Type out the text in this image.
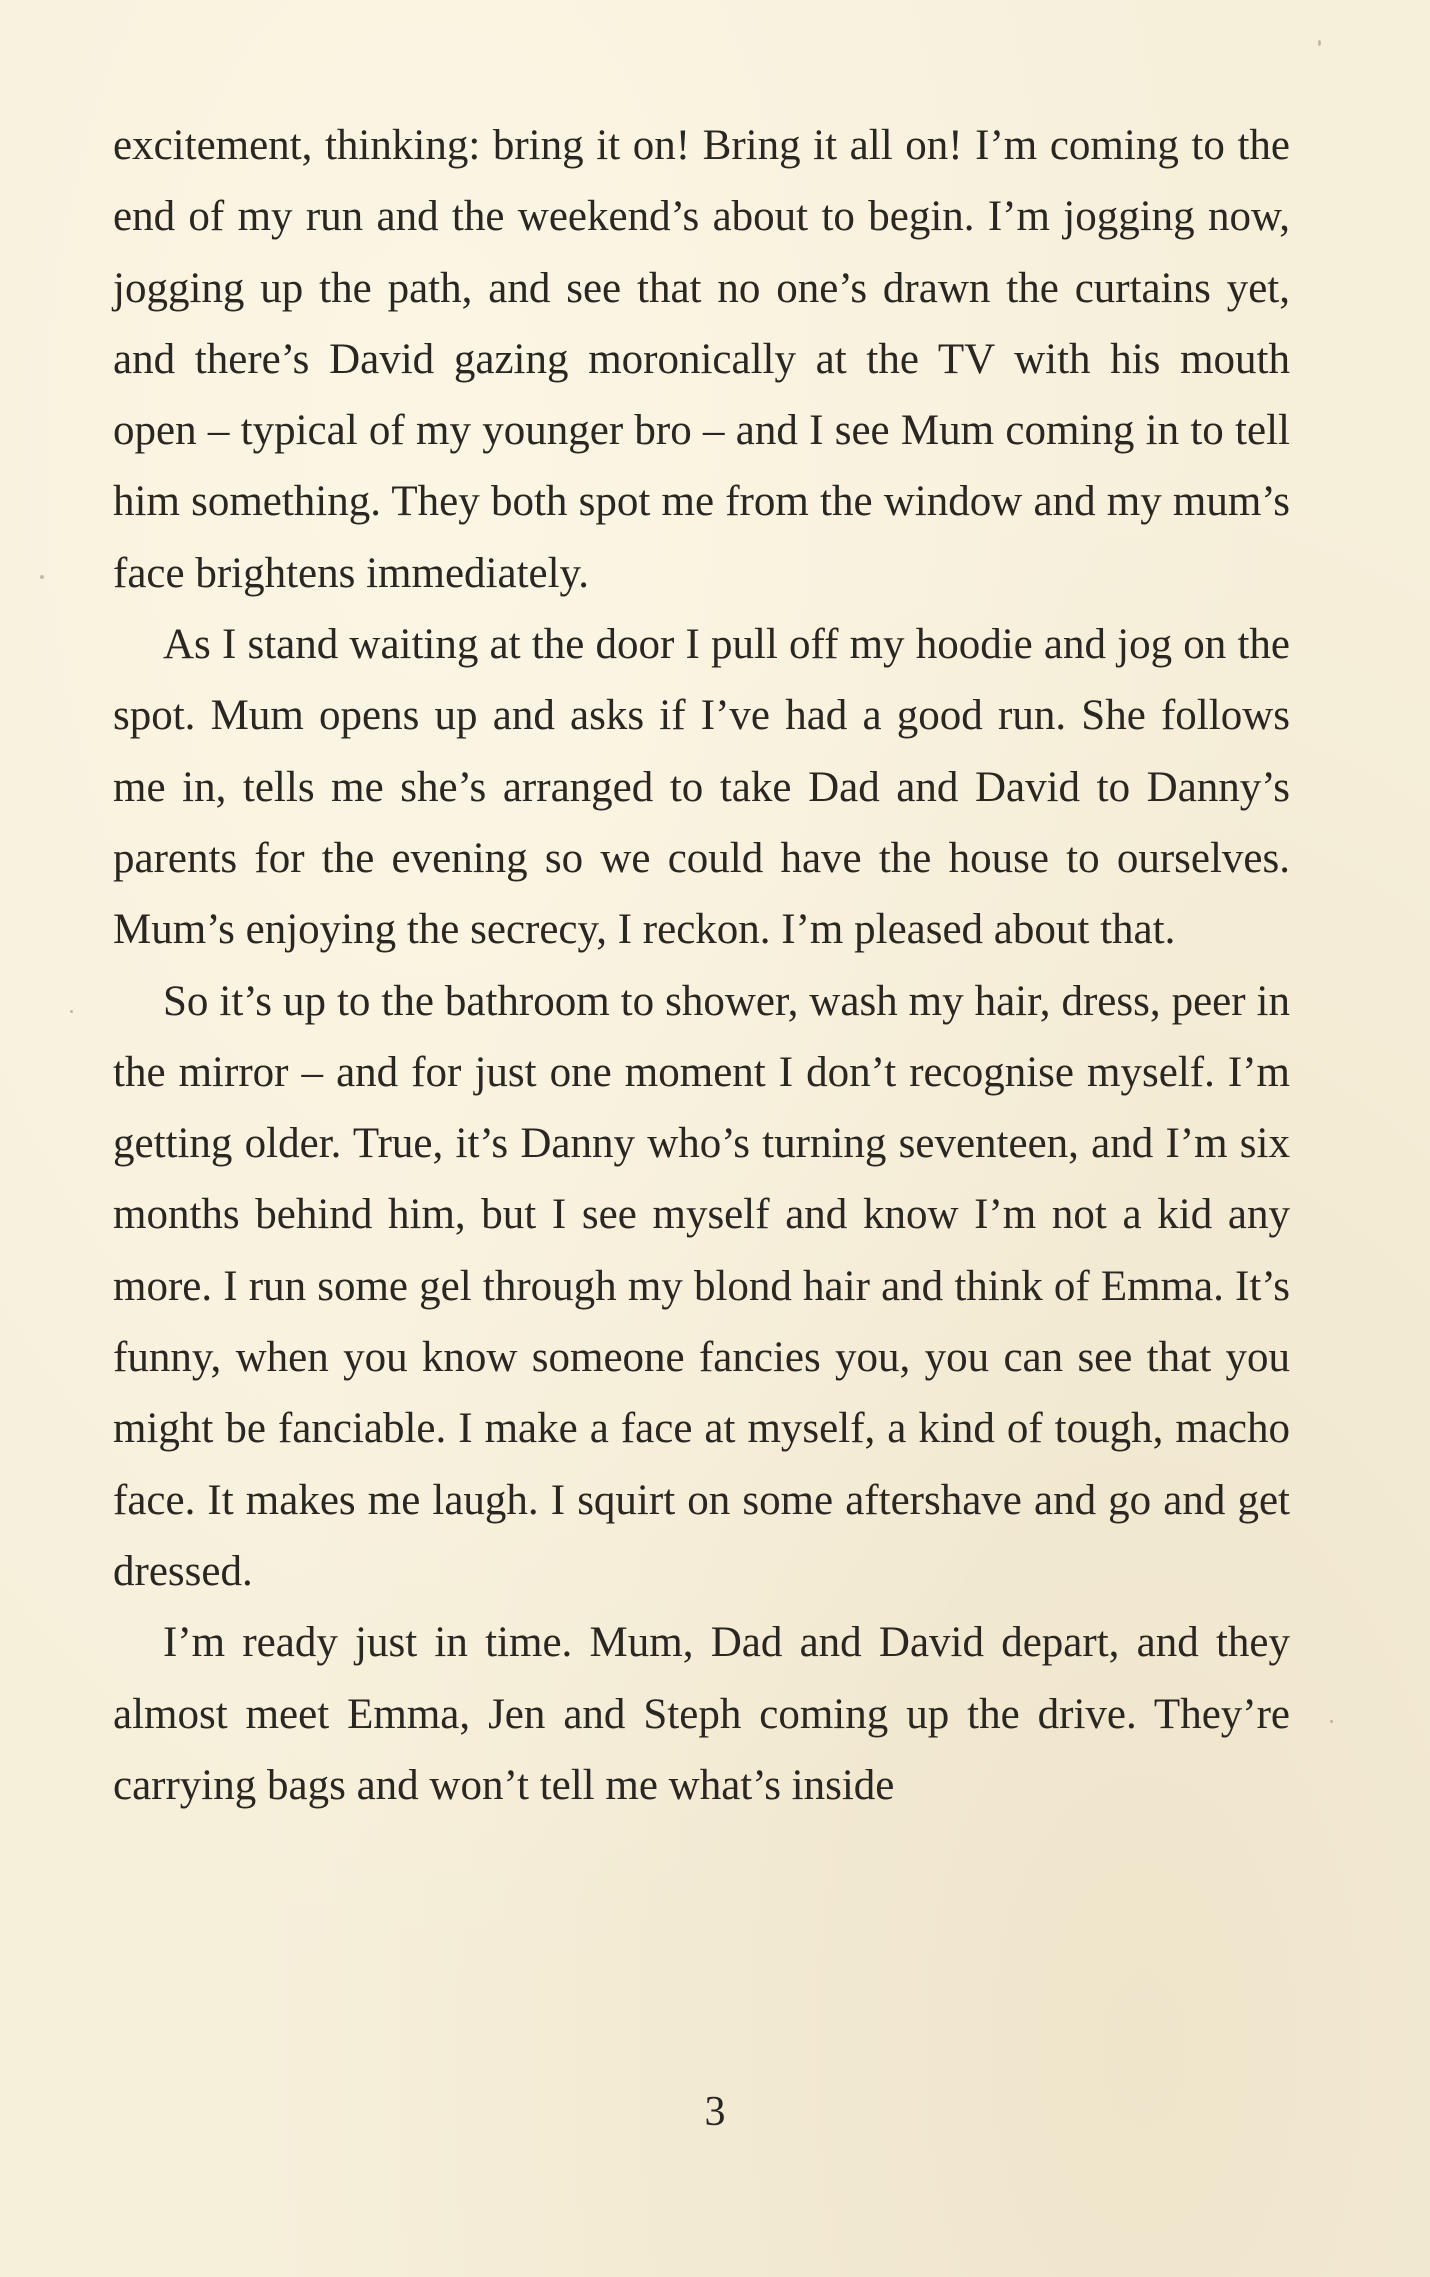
excitement, thinking: bring it on! Bring it all on! I’m coming to the end of my run and the weekend’s about to begin. I’m jogging now, jogging up the path, and see that no one’s drawn the curtains yet, and there’s David gazing moronically at the TV with his mouth open – typical of my younger bro – and I see Mum coming in to tell him something. They both spot me from the window and my mum’s face brightens immediately.

As I stand waiting at the door I pull off my hoodie and jog on the spot. Mum opens up and asks if I’ve had a good run. She follows me in, tells me she’s arranged to take Dad and David to Danny’s parents for the evening so we could have the house to ourselves. Mum’s enjoying the secrecy, I reckon. I’m pleased about that.

So it’s up to the bathroom to shower, wash my hair, dress, peer in the mirror – and for just one moment I don’t recognise myself. I’m getting older. True, it’s Danny who’s turning seventeen, and I’m six months behind him, but I see myself and know I’m not a kid any more. I run some gel through my blond hair and think of Emma. It’s funny, when you know someone fancies you, you can see that you might be fanciable. I make a face at myself, a kind of tough, macho face. It makes me laugh. I squirt on some aftershave and go and get dressed.

I’m ready just in time. Mum, Dad and David depart, and they almost meet Emma, Jen and Steph coming up the drive. They’re carrying bags and won’t tell me what’s inside

3
